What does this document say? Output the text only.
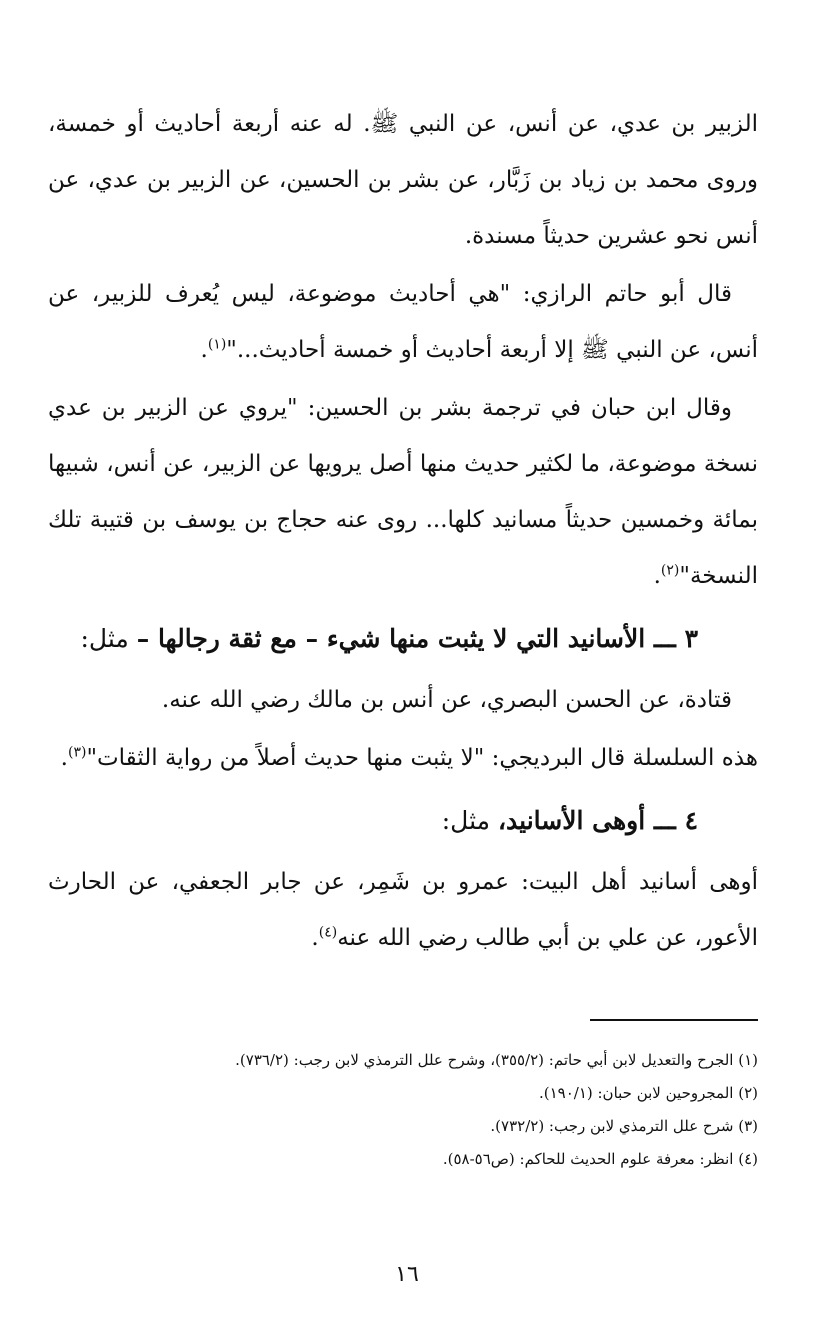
الزبير بن عدي، عن أنس، عن النبي ﷺ. له عنه أربعة أحاديث أو خمسة، وروى محمد بن زياد بن زَبَّار، عن بشر بن الحسين، عن الزبير بن عدي، عن أنس نحو عشرين حديثاً مسندة.

قال أبو حاتم الرازي: "هي أحاديث موضوعة، ليس يُعرف للزبير، عن أنس، عن النبي ﷺ إلا أربعة أحاديث أو خمسة أحاديث..."$^{(١)}$.

وقال ابن حبان في ترجمة بشر بن الحسين: "يروي عن الزبير بن عدي نسخة موضوعة، ما لكثير حديث منها أصل يرويها عن الزبير، عن أنس، شبيها بمائة وخمسين حديثاً مسانيد كلها... روى عنه حجاج بن يوسف بن قتيبة تلك النسخة"$^{(٢)}$.

٣ ـــ الأسانيد التي لا يثبت منها شيء – مع ثقة رجالها – مثل:

قتادة، عن الحسن البصري، عن أنس بن مالك رضي الله عنه.

هذه السلسلة قال البرديجي: "لا يثبت منها حديث أصلاً من رواية الثقات"$^{(٣)}$.

٤ ـــ أوهى الأسانيد، مثل:

أوهى أسانيد أهل البيت: عمرو بن شَمِر، عن جابر الجعفي، عن الحارث الأعور، عن علي بن أبي طالب رضي الله عنه$^{(٤)}$.

(١) الجرح والتعديل لابن أبي حاتم: (٣٥٥/٢)، وشرح علل الترمذي لابن رجب: (٧٣٦/٢).

(٢) المجروحين لابن حبان: (١٩٠/١).

(٣) شرح علل الترمذي لابن رجب: (٧٣٢/٢).

(٤) انظر: معرفة علوم الحديث للحاكم: (ص٥٦-٥٨).

١٦
